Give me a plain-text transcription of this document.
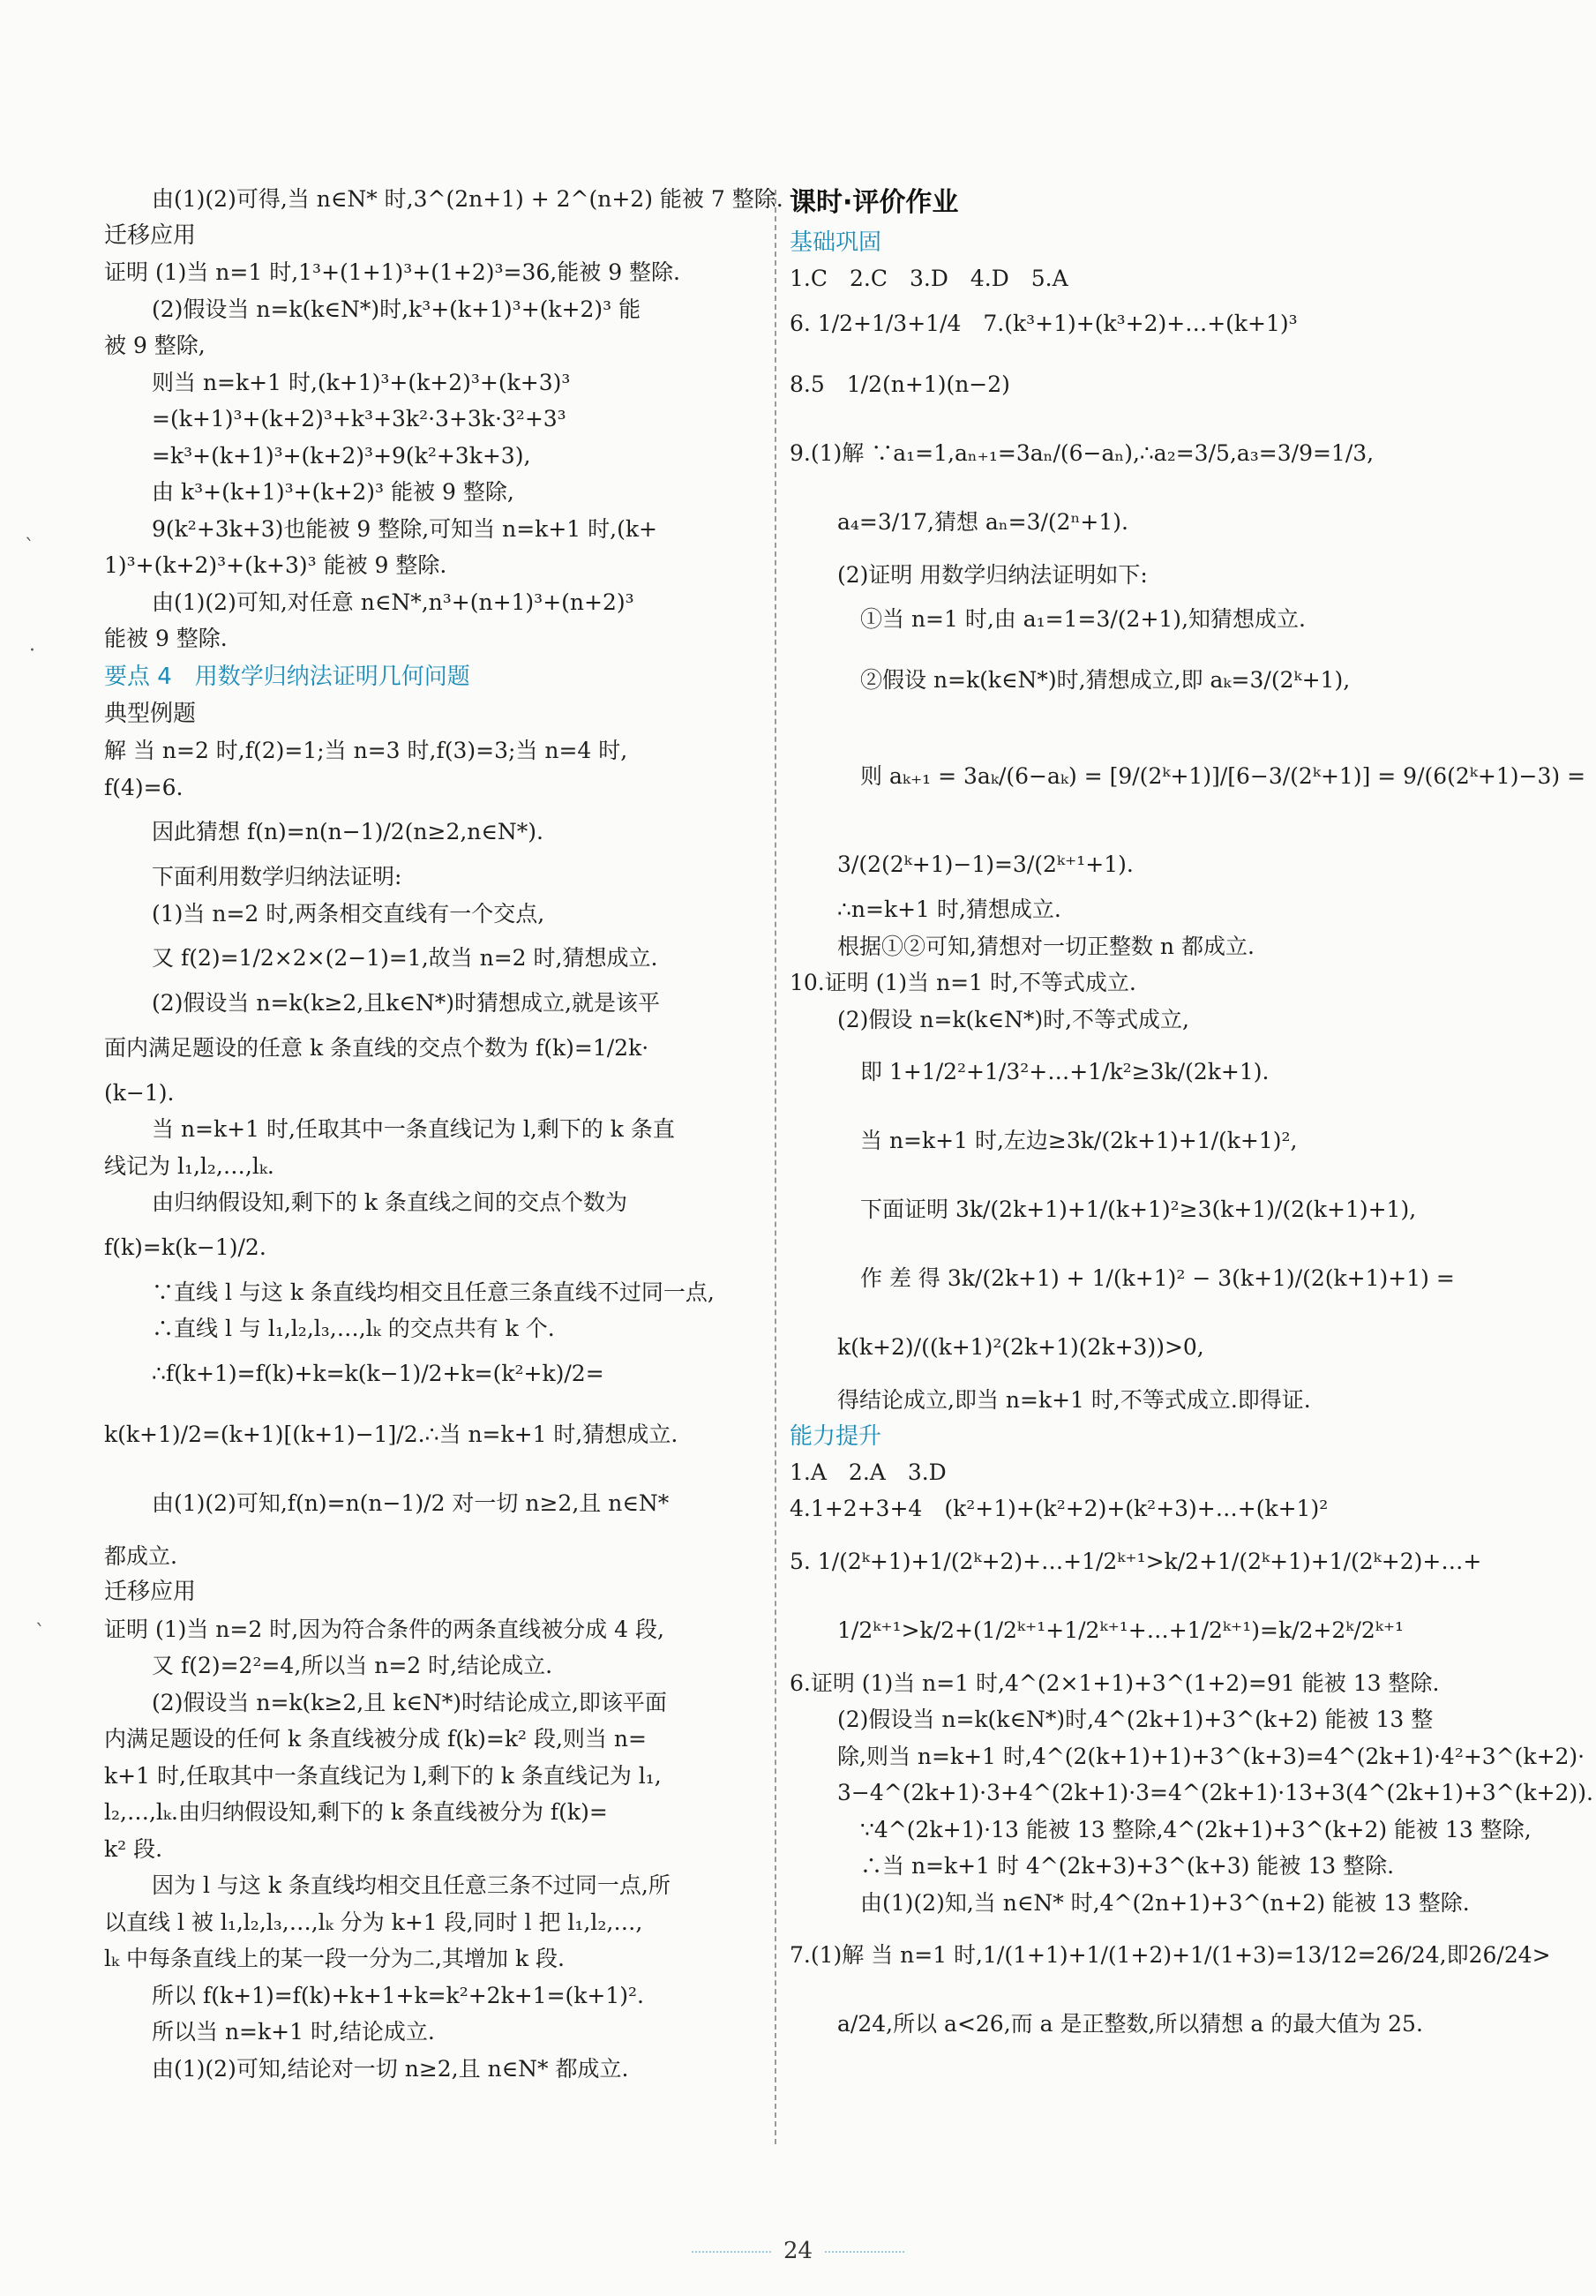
由(1)(2)可得,当 n∈N* 时,3^(2n+1) + 2^(n+2) 能被 7 整除.
迁移应用
证明 (1)当 n=1 时,1³+(1+1)³+(1+2)³=36,能被 9 整除.
(2)假设当 n=k(k∈N*)时,k³+(k+1)³+(k+2)³ 能
被 9 整除,
则当 n=k+1 时,(k+1)³+(k+2)³+(k+3)³
=(k+1)³+(k+2)³+k³+3k²·3+3k·3²+3³
=k³+(k+1)³+(k+2)³+9(k²+3k+3),
由 k³+(k+1)³+(k+2)³ 能被 9 整除,
9(k²+3k+3)也能被 9 整除,可知当 n=k+1 时,(k+
1)³+(k+2)³+(k+3)³ 能被 9 整除.
由(1)(2)可知,对任意 n∈N*,n³+(n+1)³+(n+2)³
能被 9 整除.
要点 4　用数学归纳法证明几何问题
典型例题
解 当 n=2 时,f(2)=1;当 n=3 时,f(3)=3;当 n=4 时,
f(4)=6.
因此猜想 f(n)=n(n−1)/2(n≥2,n∈N*).
下面利用数学归纳法证明:
(1)当 n=2 时,两条相交直线有一个交点,
又 f(2)=1/2×2×(2−1)=1,故当 n=2 时,猜想成立.
(2)假设当 n=k(k≥2,且k∈N*)时猜想成立,就是该平
面内满足题设的任意 k 条直线的交点个数为 f(k)=1/2k·
(k−1).
当 n=k+1 时,任取其中一条直线记为 l,剩下的 k 条直
线记为 l₁,l₂,…,lₖ.
由归纳假设知,剩下的 k 条直线之间的交点个数为
f(k)=k(k−1)/2.
∵直线 l 与这 k 条直线均相交且任意三条直线不过同一点,
∴直线 l 与 l₁,l₂,l₃,…,lₖ 的交点共有 k 个.
∴f(k+1)=f(k)+k=k(k−1)/2+k=(k²+k)/2=
k(k+1)/2=(k+1)[(k+1)−1]/2.∴当 n=k+1 时,猜想成立.
由(1)(2)可知,f(n)=n(n−1)/2 对一切 n≥2,且 n∈N*
都成立.
迁移应用
证明 (1)当 n=2 时,因为符合条件的两条直线被分成 4 段,
又 f(2)=2²=4,所以当 n=2 时,结论成立.
(2)假设当 n=k(k≥2,且 k∈N*)时结论成立,即该平面
内满足题设的任何 k 条直线被分成 f(k)=k² 段,则当 n=
k+1 时,任取其中一条直线记为 l,剩下的 k 条直线记为 l₁,
l₂,…,lₖ.由归纳假设知,剩下的 k 条直线被分为 f(k)=
k² 段.
因为 l 与这 k 条直线均相交且任意三条不过同一点,所
以直线 l 被 l₁,l₂,l₃,…,lₖ 分为 k+1 段,同时 l 把 l₁,l₂,…,
lₖ 中每条直线上的某一段一分为二,其增加 k 段.
所以 f(k+1)=f(k)+k+1+k=k²+2k+1=(k+1)².
所以当 n=k+1 时,结论成立.
由(1)(2)可知,结论对一切 n≥2,且 n∈N* 都成立.
课时·评价作业
基础巩固
1.C　2.C　3.D　4.D　5.A
6. 1/2+1/3+1/4　7.(k³+1)+(k³+2)+…+(k+1)³
8.5　1/2(n+1)(n−2)
9.(1)解 ∵a₁=1,aₙ₊₁=3aₙ/(6−aₙ),∴a₂=3/5,a₃=3/9=1/3,
a₄=3/17,猜想 aₙ=3/(2ⁿ+1).
(2)证明 用数学归纳法证明如下:
①当 n=1 时,由 a₁=1=3/(2+1),知猜想成立.
②假设 n=k(k∈N*)时,猜想成立,即 aₖ=3/(2ᵏ+1),
则 aₖ₊₁ = 3aₖ/(6−aₖ) = [9/(2ᵏ+1)]/[6−3/(2ᵏ+1)] = 9/(6(2ᵏ+1)−3) =
3/(2(2ᵏ+1)−1)=3/(2ᵏ⁺¹+1).
∴n=k+1 时,猜想成立.
根据①②可知,猜想对一切正整数 n 都成立.
10.证明 (1)当 n=1 时,不等式成立.
(2)假设 n=k(k∈N*)时,不等式成立,
即 1+1/2²+1/3²+…+1/k²≥3k/(2k+1).
当 n=k+1 时,左边≥3k/(2k+1)+1/(k+1)²,
下面证明 3k/(2k+1)+1/(k+1)²≥3(k+1)/(2(k+1)+1),
作 差 得 3k/(2k+1) + 1/(k+1)² − 3(k+1)/(2(k+1)+1) =
k(k+2)/((k+1)²(2k+1)(2k+3))>0,
得结论成立,即当 n=k+1 时,不等式成立.即得证.
能力提升
1.A　2.A　3.D
4.1+2+3+4　(k²+1)+(k²+2)+(k²+3)+…+(k+1)²
5. 1/(2ᵏ+1)+1/(2ᵏ+2)+…+1/2ᵏ⁺¹>k/2+1/(2ᵏ+1)+1/(2ᵏ+2)+…+
1/2ᵏ⁺¹>k/2+(1/2ᵏ⁺¹+1/2ᵏ⁺¹+…+1/2ᵏ⁺¹)=k/2+2ᵏ/2ᵏ⁺¹
6.证明 (1)当 n=1 时,4^(2×1+1)+3^(1+2)=91 能被 13 整除.
(2)假设当 n=k(k∈N*)时,4^(2k+1)+3^(k+2) 能被 13 整
除,则当 n=k+1 时,4^(2(k+1)+1)+3^(k+3)=4^(2k+1)·4²+3^(k+2)·
3−4^(2k+1)·3+4^(2k+1)·3=4^(2k+1)·13+3(4^(2k+1)+3^(k+2)).
∵4^(2k+1)·13 能被 13 整除,4^(2k+1)+3^(k+2) 能被 13 整除,
∴当 n=k+1 时 4^(2k+3)+3^(k+3) 能被 13 整除.
由(1)(2)知,当 n∈N* 时,4^(2n+1)+3^(n+2) 能被 13 整除.
7.(1)解 当 n=1 时,1/(1+1)+1/(1+2)+1/(1+3)=13/12=26/24,即26/24>
a/24,所以 a<26,而 a 是正整数,所以猜想 a 的最大值为 25.
`
·
`
24
